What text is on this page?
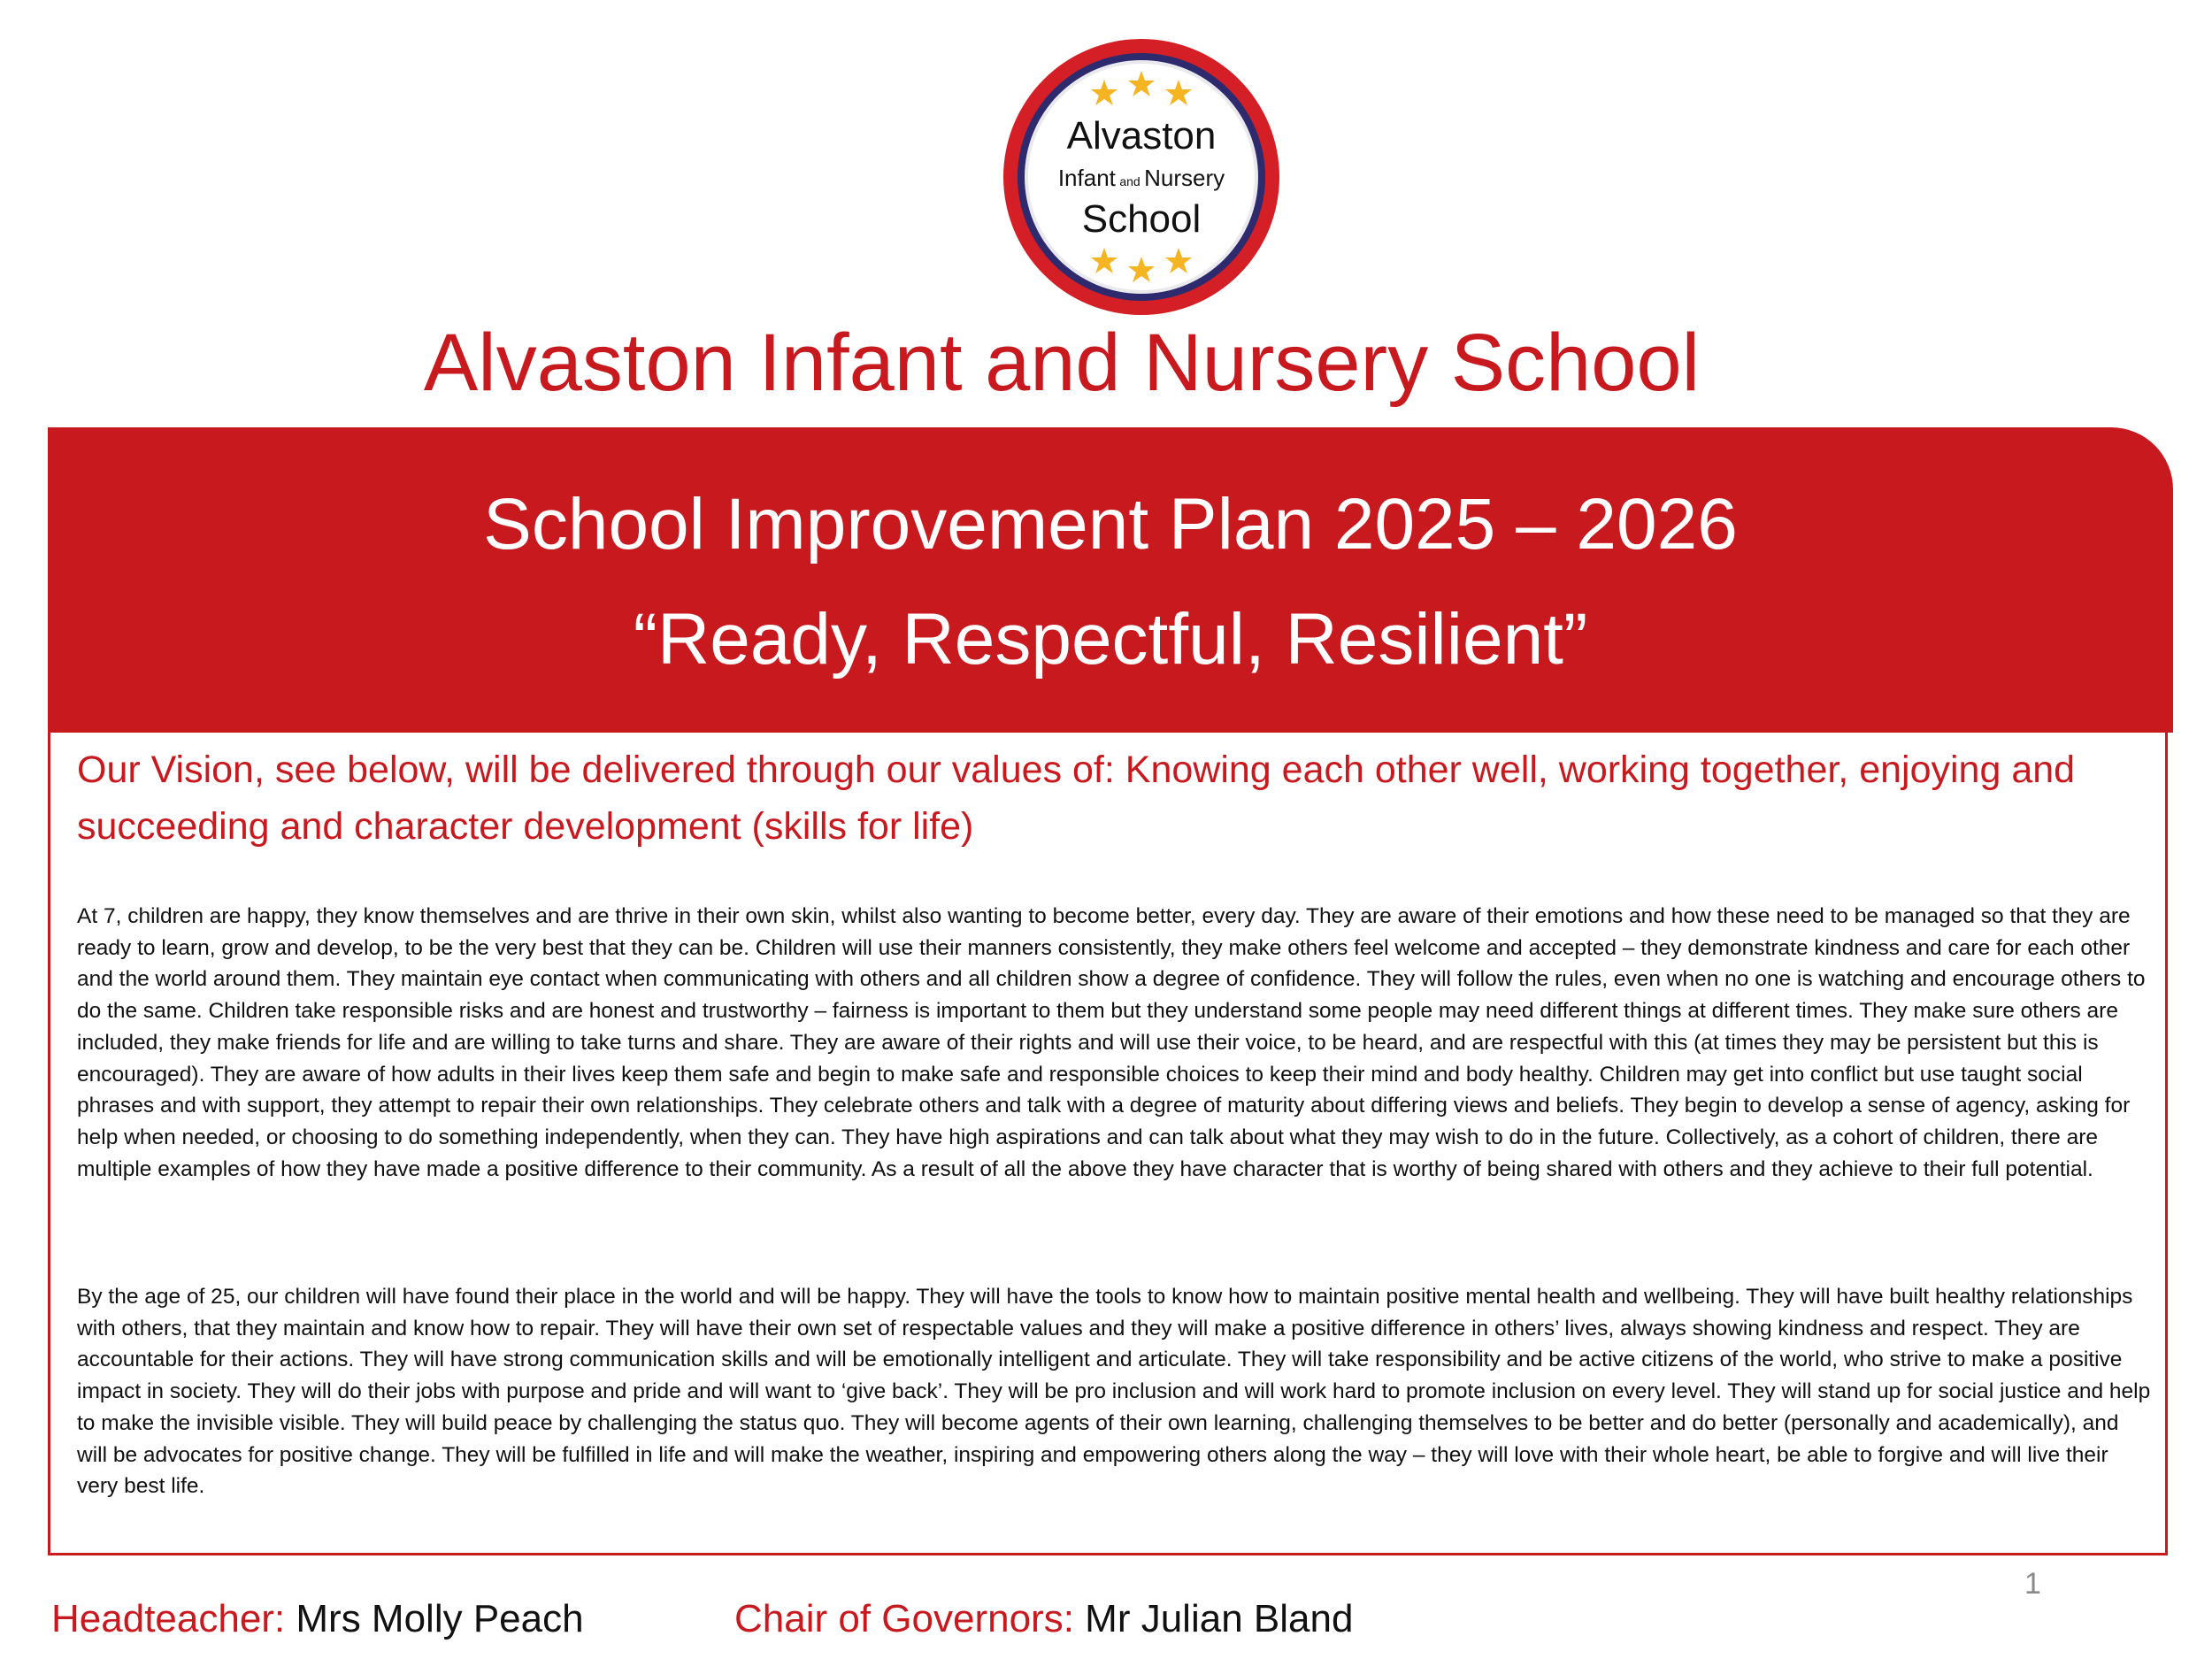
Alvaston
Infant and Nursery
School
Alvaston Infant and Nursery School
School Improvement Plan 2025 – 2026
“Ready, Respectful, Resilient”
Our Vision, see below, will be delivered through our values of: Knowing each other well, working together, enjoying and succeeding and character development (skills for life)
At 7, children are happy, they know themselves and are thrive in their own skin, whilst also wanting to become better, every day. They are aware of their emotions and how these need to be managed so that they are ready to learn, grow and develop, to be the very best that they can be. Children will use their manners consistently, they make others feel welcome and accepted – they demonstrate kindness and care for each other and the world around them. They maintain eye contact when communicating with others and all children show a degree of confidence. They will follow the rules, even when no one is watching and encourage others to do the same. Children take responsible risks and are honest and trustworthy – fairness is important to them but they understand some people may need different things at different times. They make sure others are included, they make friends for life and are willing to take turns and share. They are aware of their rights and will use their voice, to be heard, and are respectful with this (at times they may be persistent but this is encouraged). They are aware of how adults in their lives keep them safe and begin to make safe and responsible choices to keep their mind and body healthy. Children may get into conflict but use taught social phrases and with support, they attempt to repair their own relationships. They celebrate others and talk with a degree of maturity about differing views and beliefs. They begin to develop a sense of agency, asking for help when needed, or choosing to do something independently, when they can. They have high aspirations and can talk about what they may wish to do in the future. Collectively, as a cohort of children, there are multiple examples of how they have made a positive difference to their community. As a result of all the above they have character that is worthy of being shared with others and they achieve to their full potential.
By the age of 25, our children will have found their place in the world and will be happy. They will have the tools to know how to maintain positive mental health and wellbeing. They will have built healthy relationships with others, that they maintain and know how to repair. They will have their own set of respectable values and they will make a positive difference in others’ lives, always showing kindness and respect. They are accountable for their actions. They will have strong communication skills and will be emotionally intelligent and articulate. They will take responsibility and be active citizens of the world, who strive to make a positive impact in society. They will do their jobs with purpose and pride and will want to ‘give back’. They will be pro inclusion and will work hard to promote inclusion on every level. They will stand up for social justice and help to make the invisible visible. They will build peace by challenging the status quo. They will become agents of their own learning, challenging themselves to be better and do better (personally and academically), and will be advocates for positive change. They will be fulfilled in life and will make the weather, inspiring and empowering others along the way – they will love with their whole heart, be able to forgive and will live their very best life.
1
Headteacher: Mrs Molly Peach	Chair of Governors: Mr Julian Bland
